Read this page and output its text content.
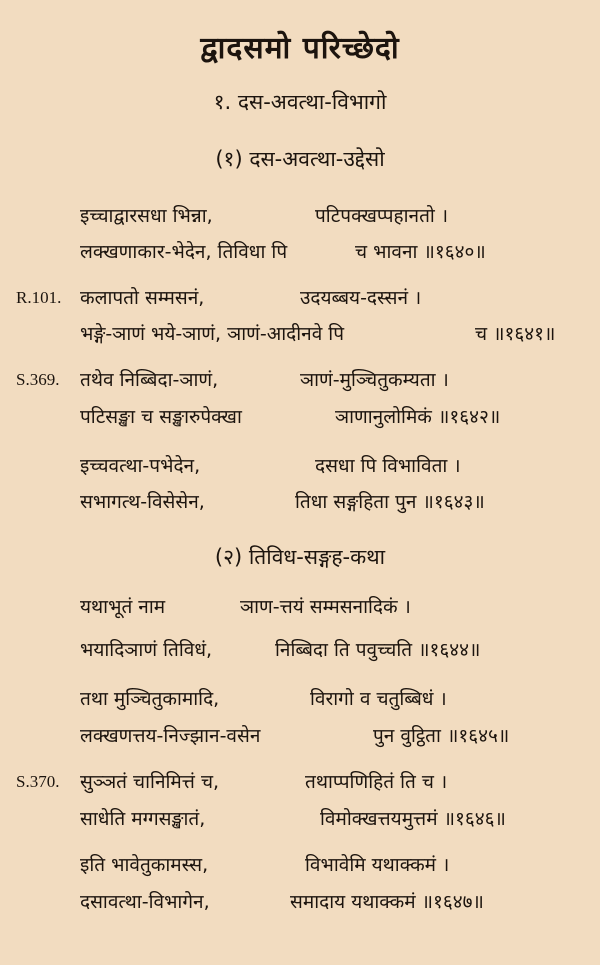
द्वादसमो परिच्छेदो
१. दस-अवत्था-विभागो
(१) दस-अवत्था-उद्देसो
इच्चाद्वारसधा भिन्ना,	पटिपक्खप्पहानतो ।
लक्खणाकार-भेदेन, तिविधा पि	च भावना ॥१६४०॥
R.101. कलापतो सम्मसनं,	उदयब्बय-दस्सनं ।
भङ्गे-ञाणं भये-ञाणं, ञाणं-आदीनवे पि	च ॥१६४१॥
S.369. तथेव निब्बिदा-ञाणं,	ञाणं-मुञ्चितुकम्यता ।
पटिसङ्खा च सङ्खारुपेक्खा	ञाणानुलोमिकं ॥१६४२॥
इच्चवत्था-पभेदेन,	दसधा पि विभाविता ।
सभागत्थ-विसेसेन,	तिधा सङ्गहिता पुन ॥१६४३॥
(२) तिविध-सङ्गह-कथा
यथाभूतं नाम	ञाण-त्तयं सम्मसनादिकं ।
भयादिञाणं तिविधं,	निब्बिदा ति पवुच्चति ॥१६४४॥
तथा मुञ्चितुकामादि,	विरागो व चतुब्बिधं ।
लक्खणत्तय-निज्झान-वसेन	पुन वुट्ठिता ॥१६४५॥
S.370. सुञ्ञतं चानिमित्तं च,	तथाप्पणिहितं ति च ।
साधेति मग्गसङ्खातं,	विमोक्खत्तयमुत्तमं ॥१६४६॥
इति भावेतुकामस्स,	विभावेमि यथाक्कमं ।
दसावत्था-विभागेन,	समादाय यथाक्कमं ॥१६४७॥
